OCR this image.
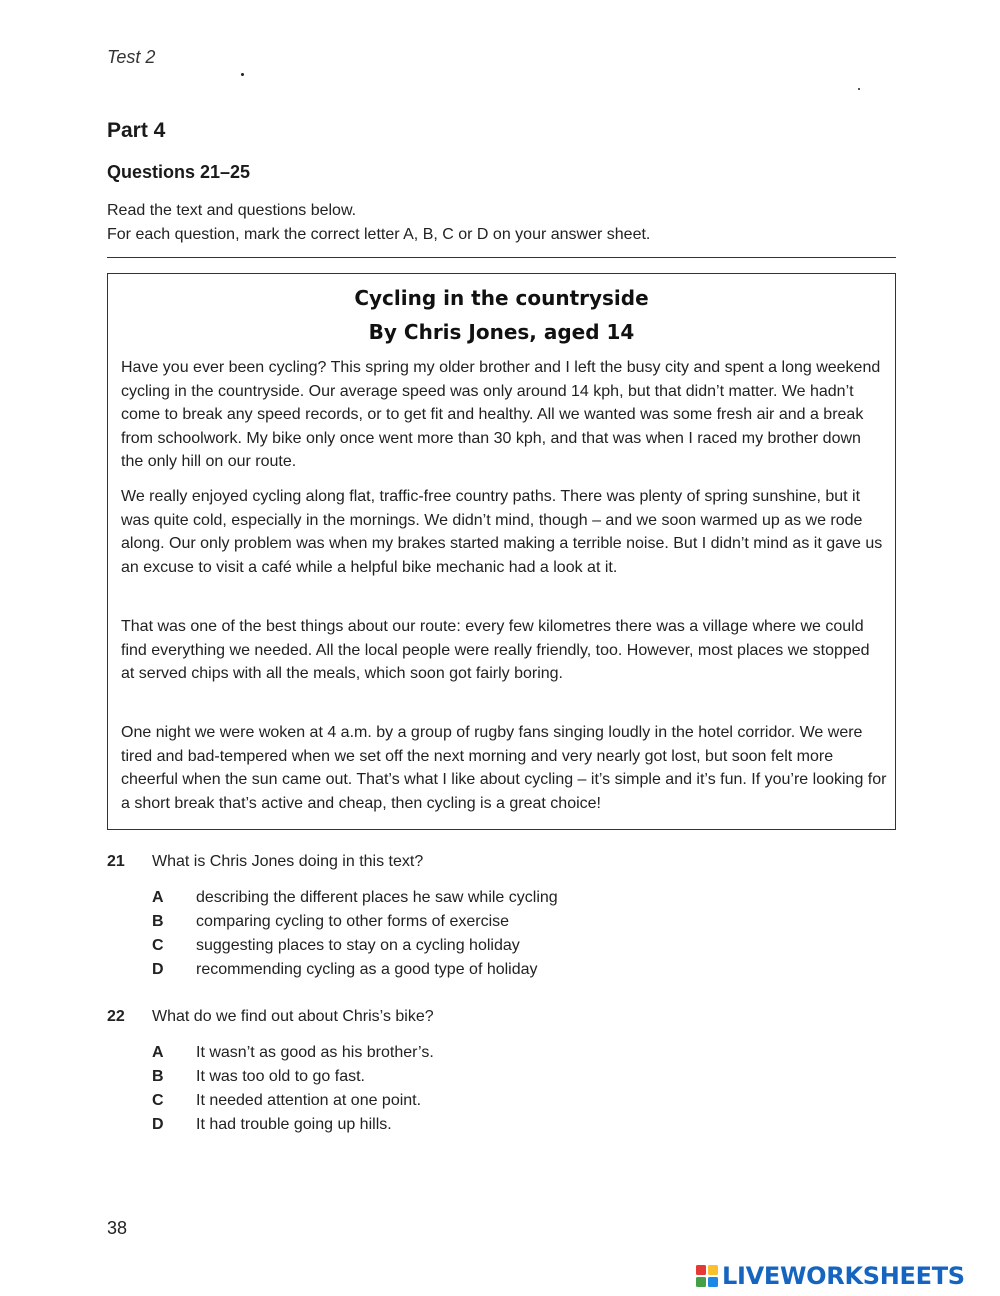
Test 2
Part 4
Questions 21–25
Read the text and questions below.
For each question, mark the correct letter A, B, C or D on your answer sheet.
Cycling in the countryside
By Chris Jones, aged 14

Have you ever been cycling? This spring my older brother and I left the busy city and spent a long weekend cycling in the countryside. Our average speed was only around 14 kph, but that didn’t matter. We hadn’t come to break any speed records, or to get fit and healthy. All we wanted was some fresh air and a break from schoolwork. My bike only once went more than 30 kph, and that was when I raced my brother down the only hill on our route.

We really enjoyed cycling along flat, traffic-free country paths. There was plenty of spring sunshine, but it was quite cold, especially in the mornings. We didn’t mind, though – and we soon warmed up as we rode along. Our only problem was when my brakes started making a terrible noise. But I didn’t mind as it gave us an excuse to visit a café while a helpful bike mechanic had a look at it.

That was one of the best things about our route: every few kilometres there was a village where we could find everything we needed. All the local people were really friendly, too. However, most places we stopped at served chips with all the meals, which soon got fairly boring.

One night we were woken at 4 a.m. by a group of rugby fans singing loudly in the hotel corridor. We were tired and bad-tempered when we set off the next morning and very nearly got lost, but soon felt more cheerful when the sun came out. That’s what I like about cycling – it’s simple and it’s fun. If you’re looking for a short break that’s active and cheap, then cycling is a great choice!

21 What is Chris Jones doing in this text?
A describing the different places he saw while cycling
B comparing cycling to other forms of exercise
C suggesting places to stay on a cycling holiday
D recommending cycling as a good type of holiday
22 What do we find out about Chris’s bike?
A It wasn’t as good as his brother’s.
B It was too old to go fast.
C It needed attention at one point.
D It had trouble going up hills.
38
LIVEWORKSHEETS
